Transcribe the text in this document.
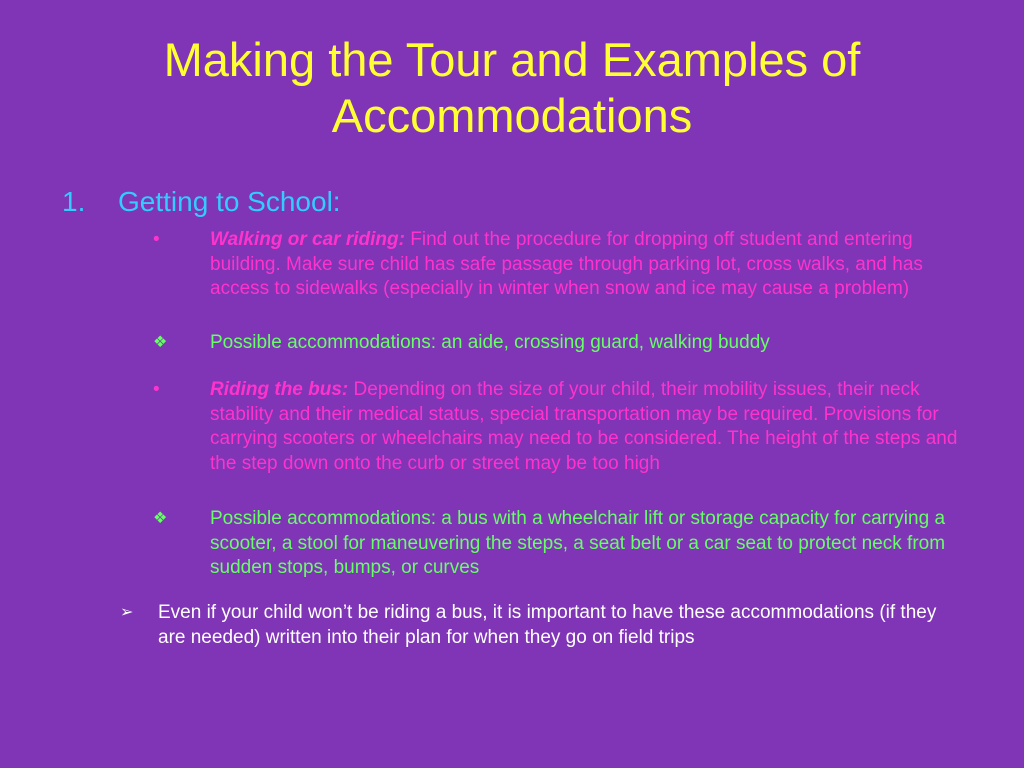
Making the Tour and Examples of Accommodations
1. Getting to School:
•	Walking or car riding: Find out the procedure for dropping off student and entering building. Make sure child has safe passage through parking lot, cross walks, and has access to sidewalks (especially in winter when snow and ice may cause a problem)
❖ Possible accommodations: an aide, crossing guard, walking buddy
•	Riding the bus: Depending on the size of your child, their mobility issues, their neck stability and their medical status, special transportation may be required. Provisions for carrying scooters or wheelchairs may need to be considered. The height of the steps and the step down onto the curb or street may be too high
❖ Possible accommodations: a bus with a wheelchair lift or storage capacity for carrying a scooter, a stool for maneuvering the steps, a seat belt or a car seat to protect neck from sudden stops, bumps, or curves
➢ Even if your child won’t be riding a bus, it is important to have these accommodations (if they are needed) written into their plan for when they go on field trips
